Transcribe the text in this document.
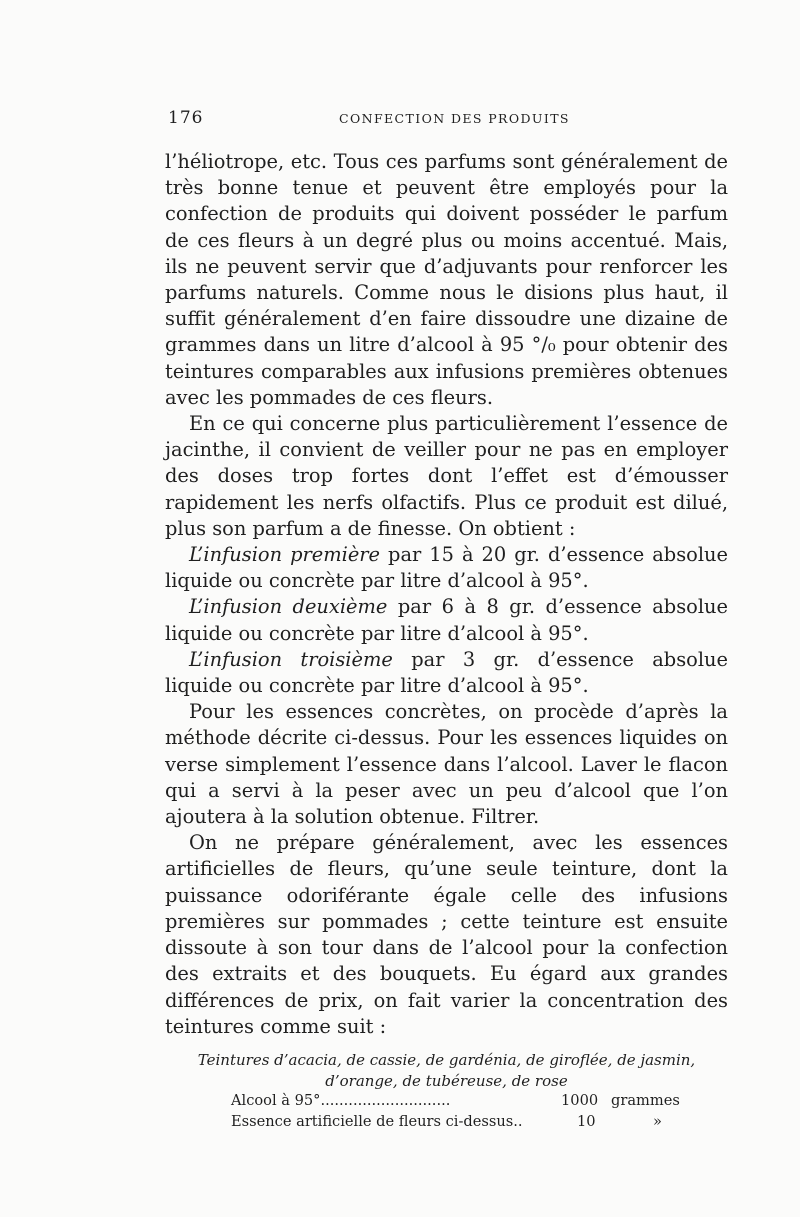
176	CONFECTION DES PRODUITS

l’héliotrope, etc. Tous ces parfums sont généralement de très bonne tenue et peuvent être employés pour la confection de produits qui doivent posséder le parfum de ces fleurs à un degré plus ou moins accentué. Mais, ils ne peuvent servir que d’adjuvants pour renforcer les parfums naturels. Comme nous le disions plus haut, il suffit généralement d’en faire dissoudre une dizaine de grammes dans un litre d’alcool à 95 °/₀ pour obtenir des teintures comparables aux infusions premières obtenues avec les pommades de ces fleurs.

En ce qui concerne plus particulièrement l’essence de jacinthe, il convient de veiller pour ne pas en employer des doses trop fortes dont l’effet est d’émousser rapidement les nerfs olfactifs. Plus ce produit est dilué, plus son parfum a de finesse. On obtient :

L’infusion première par 15 à 20 gr. d’essence absolue liquide ou concrète par litre d’alcool à 95°.

L’infusion deuxième par 6 à 8 gr. d’essence absolue liquide ou concrète par litre d’alcool à 95°.

L’infusion troisième par 3 gr. d’essence absolue liquide ou concrète par litre d’alcool à 95°.

Pour les essences concrètes, on procède d’après la méthode décrite ci-dessus. Pour les essences liquides on verse simplement l’essence dans l’alcool. Laver le flacon qui a servi à la peser avec un peu d’alcool que l’on ajoutera à la solution obtenue. Filtrer.

On ne prépare généralement, avec les essences artificielles de fleurs, qu’une seule teinture, dont la puissance odoriférante égale celle des infusions premières sur pommades ; cette teinture est ensuite dissoute à son tour dans de l’alcool pour la confection des extraits et des bouquets. Eu égard aux grandes différences de prix, on fait varier la concentration des teintures comme suit :

Teintures d’acacia, de cassie, de gardénia, de giroflée, de jasmin,
d’orange, de tubéreuse, de rose
Alcool à 95°............................	1000 grammes
Essence artificielle de fleurs ci-dessus..	10	»
